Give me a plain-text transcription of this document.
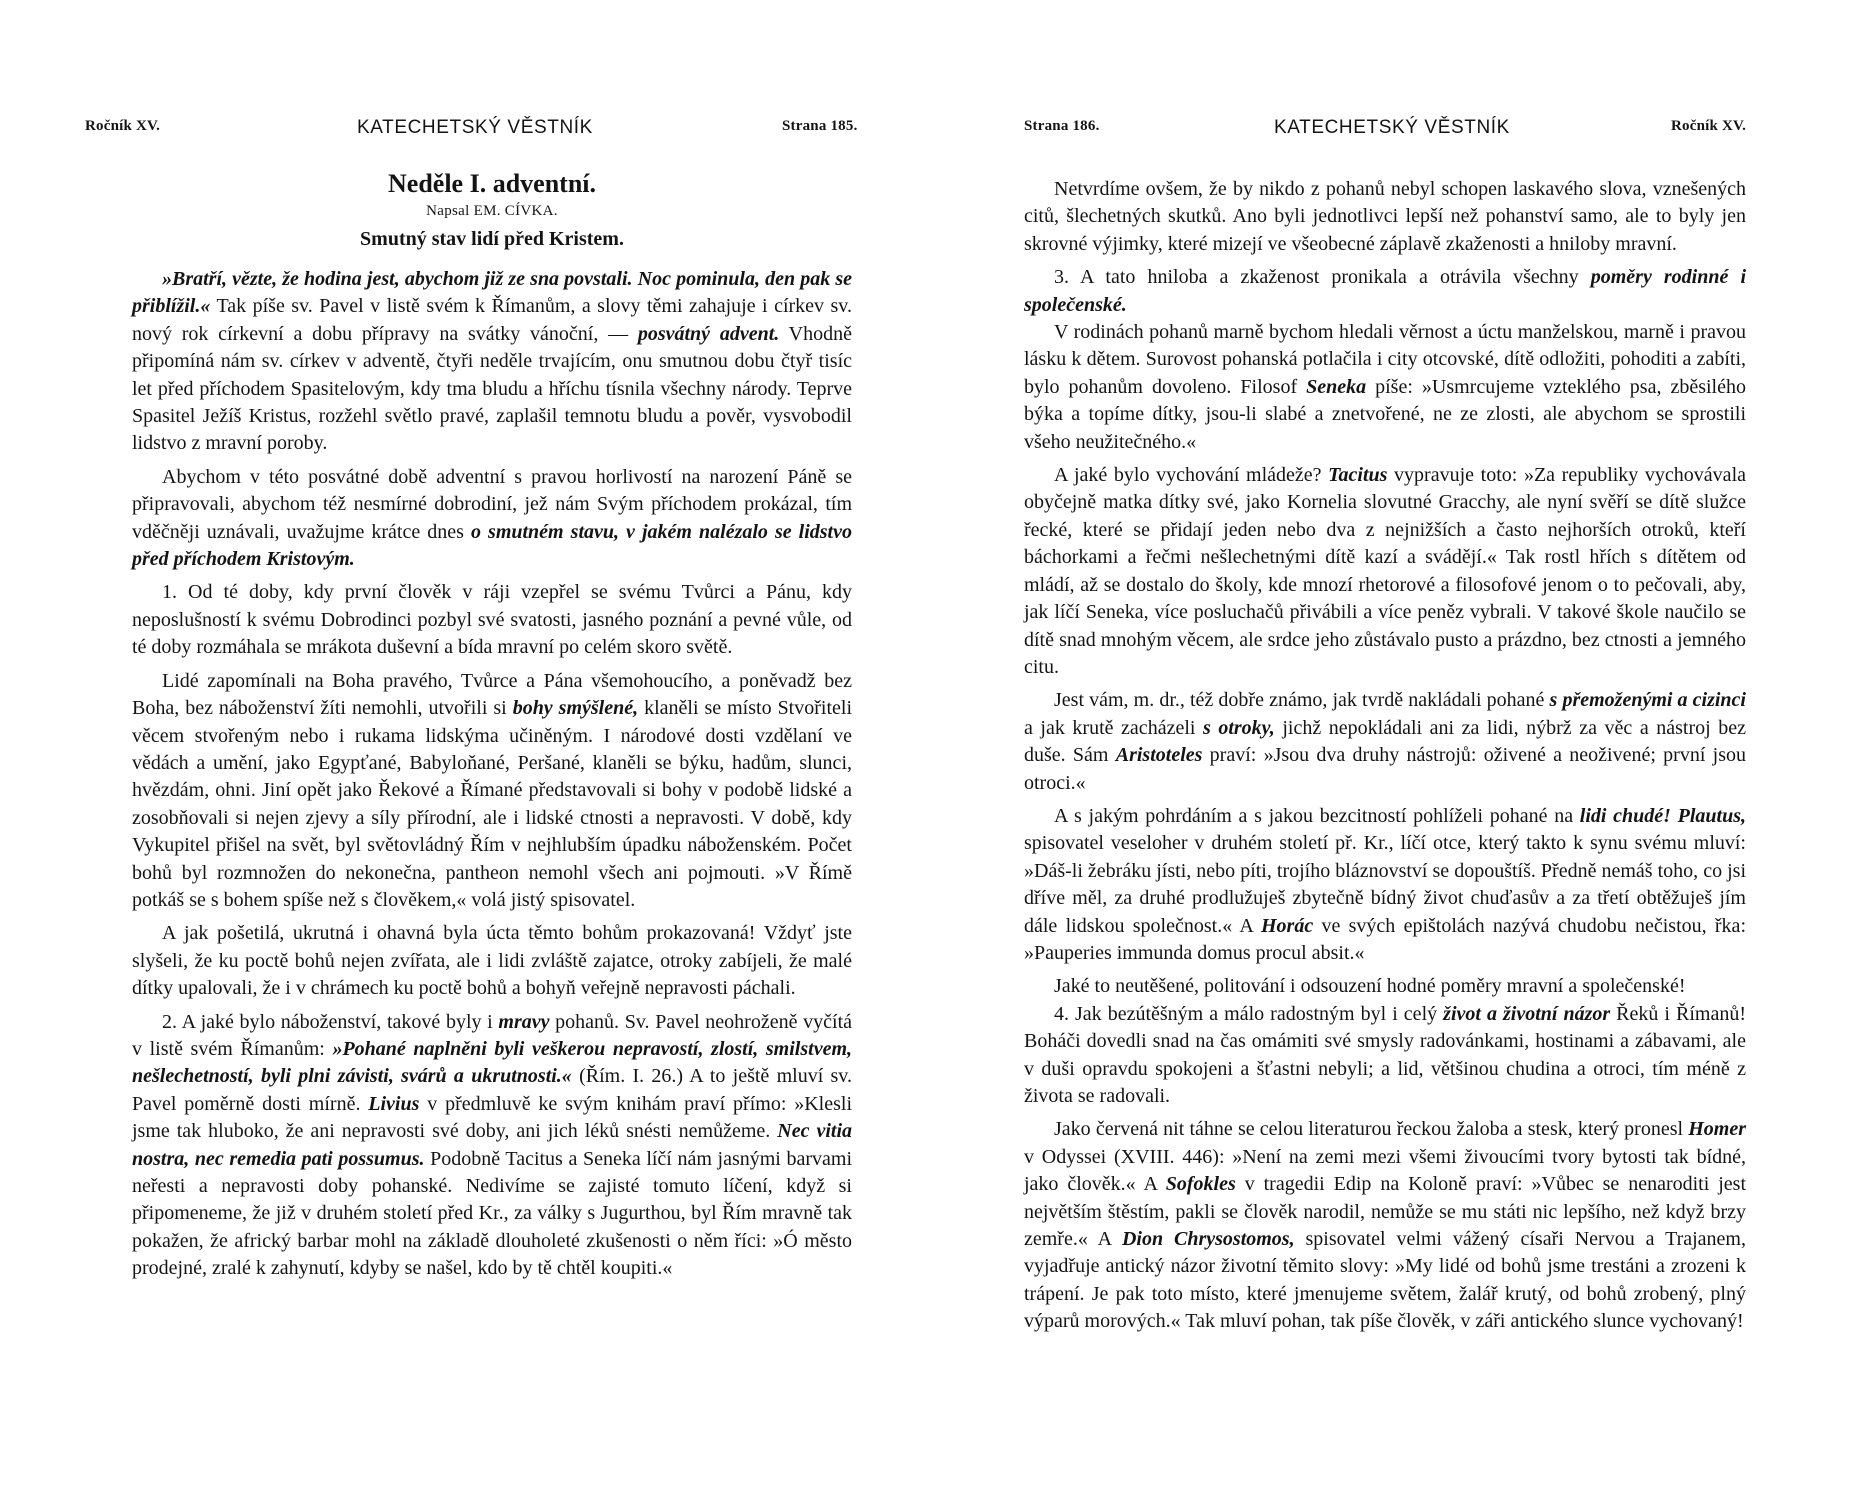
Ročník XV.	KATECHETSKÝ VĚSTNÍK	Strana 185.

Neděle I. adventní.

Napsal EM. CÍVKA.

Smutný stav lidí před Kristem.

»Bratří, vězte, že hodina jest, abychom již ze sna povstali. Noc pominula, den pak se přiblížil.« Tak píše sv. Pavel v listě svém k Římanům, a slovy těmi zahajuje i církev sv. nový rok církevní a dobu přípravy na svátky vánoční, — posvátný advent. Vhodně připomíná nám sv. církev v adventě, čtyři neděle trvajícím, onu smutnou dobu čtyř tisíc let před příchodem Spasitelovým, kdy tma bludu a hříchu tísnila všechny národy. Teprve Spasitel Ježíš Kristus, rozžehl světlo pravé, zaplašil temnotu bludu a pověr, vysvobodil lidstvo z mravní poroby.

Abychom v této posvátné době adventní s pravou horlivostí na narození Páně se připravovali, abychom též nesmírné dobrodiní, jež nám Svým příchodem prokázal, tím vděčněji uznávali, uvažujme krátce dnes o smutném stavu, v jakém nalézalo se lidstvo před příchodem Kristovým.

1. Od té doby, kdy první člověk v ráji vzepřel se svému Tvůrci a Pánu, kdy neposlušností k svému Dobrodinci pozbyl své svatosti, jasného poznání a pevné vůle, od té doby rozmáhala se mrákota duševní a bída mravní po celém skoro světě.

Lidé zapomínali na Boha pravého, Tvůrce a Pána všemohoucího, a poněvadž bez Boha, bez náboženství žíti nemohli, utvořili si bohy smýšlené, klaněli se místo Stvořiteli věcem stvořeným nebo i rukama lidskýma učiněným. I národové dosti vzdělaní ve vědách a umění, jako Egypťané, Babyloňané, Peršané, klaněli se býku, hadům, slunci, hvězdám, ohni. Jiní opět jako Řekové a Římané představovali si bohy v podobě lidské a zosobňovali si nejen zjevy a síly přírodní, ale i lidské ctnosti a nepravosti. V době, kdy Vykupitel přišel na svět, byl světovládný Řím v nejhlubším úpadku náboženském. Počet bohů byl rozmnožen do nekonečna, pantheon nemohl všech ani pojmouti. »V Římě potkáš se s bohem spíše než s člověkem,« volá jistý spisovatel.

A jak pošetilá, ukrutná i ohavná byla úcta těmto bohům prokazovaná! Vždyť jste slyšeli, že ku poctě bohů nejen zvířata, ale i lidi zvláště zajatce, otroky zabíjeli, že malé dítky upalovali, že i v chrámech ku poctě bohů a bohyň veřejně nepravosti páchali.

2. A jaké bylo náboženství, takové byly i mravy pohanů. Sv. Pavel neohroženě vyčítá v listě svém Římanům: »Pohané naplněni byli veškerou nepravostí, zlostí, smilstvem, nešlechetností, byli plni závisti, svárů a ukrutnosti.« (Řím. I. 26.) A to ještě mluví sv. Pavel poměrně dosti mírně. Livius v předmluvě ke svým knihám praví přímo: »Klesli jsme tak hluboko, že ani nepravosti své doby, ani jich léků snésti nemůžeme. Nec vitia nostra, nec remedia pati possumus. Podobně Tacitus a Seneka líčí nám jasnými barvami neřesti a nepravosti doby pohanské. Nedivíme se zajisté tomuto líčení, když si připomeneme, že již v druhém století před Kr., za války s Jugurthou, byl Řím mravně tak pokažen, že africký barbar mohl na základě dlouholeté zkušenosti o něm říci: »Ó město prodejné, zralé k zahynutí, kdyby se našel, kdo by tě chtěl koupiti.«

Strana 186.	KATECHETSKÝ VĚSTNÍK	Ročník XV.

Netvrdíme ovšem, že by nikdo z pohanů nebyl schopen laskavého slova, vznešených citů, šlechetných skutků. Ano byli jednotlivci lepší než pohanství samo, ale to byly jen skrovné výjimky, které mizejí ve všeobecné záplavě zkaženosti a hniloby mravní.

3. A tato hniloba a zkaženost pronikala a otrávila všechny poměry rodinné i společenské.

V rodinách pohanů marně bychom hledali věrnost a úctu manželskou, marně i pravou lásku k dětem. Surovost pohanská potlačila i city otcovské, dítě odložiti, pohoditi a zabíti, bylo pohanům dovoleno. Filosof Seneka píše: »Usmrcujeme vzteklého psa, zběsilého býka a topíme dítky, jsou-li slabé a znetvořené, ne ze zlosti, ale abychom se sprostili všeho neužitečného.«

A jaké bylo vychování mládeže? Tacitus vypravuje toto: »Za republiky vychovávala obyčejně matka dítky své, jako Kornelia slovutné Gracchy, ale nyní svěří se dítě služce řecké, které se přidají jeden nebo dva z nejnižších a často nejhorších otroků, kteří báchorkami a řečmi nešlechetnými dítě kazí a svádějí.« Tak rostl hřích s dítětem od mládí, až se dostalo do školy, kde mnozí rhetorové a filosofové jenom o to pečovali, aby, jak líčí Seneka, více posluchačů přivábili a více peněz vybrali. V takové škole naučilo se dítě snad mnohým věcem, ale srdce jeho zůstávalo pusto a prázdno, bez ctnosti a jemného citu.

Jest vám, m. dr., též dobře známo, jak tvrdě nakládali pohané s přemoženými a cizinci a jak krutě zacházeli s otroky, jichž nepokládali ani za lidi, nýbrž za věc a nástroj bez duše. Sám Aristoteles praví: »Jsou dva druhy nástrojů: oživené a neoživené; první jsou otroci.«

A s jakým pohrdáním a s jakou bezcitností pohlíželi pohané na lidi chudé! Plautus, spisovatel veseloher v druhém století př. Kr., líčí otce, který takto k synu svému mluví: »Dáš-li žebráku jísti, nebo píti, trojího bláznovství se dopouštíš. Předně nemáš toho, co jsi dříve měl, za druhé prodlužuješ zbytečně bídný život chuďasův a za třetí obtěžuješ jím dále lidskou společnost.« A Horác ve svých epištolách nazývá chudobu nečistou, řka: »Pauperies immunda domus procul absit.«

Jaké to neutěšené, politování i odsouzení hodné poměry mravní a společenské!

4. Jak bezútěšným a málo radostným byl i celý život a životní názor Řeků i Římanů! Boháči dovedli snad na čas omámiti své smysly radovánkami, hostinami a zábavami, ale v duši opravdu spokojeni a šťastni nebyli; a lid, většinou chudina a otroci, tím méně z života se radovali.

Jako červená nit táhne se celou literaturou řeckou žaloba a stesk, který pronesl Homer v Odyssei (XVIII. 446): »Není na zemi mezi všemi živoucími tvory bytosti tak bídné, jako člověk.« A Sofokles v tragedii Edip na Koloně praví: »Vůbec se nenaroditi jest největším štěstím, pakli se člověk narodil, nemůže se mu státi nic lepšího, než když brzy zemře.« A Dion Chrysostomos, spisovatel velmi vážený císaři Nervou a Trajanem, vyjadřuje antický názor životní těmito slovy: »My lidé od bohů jsme trestáni a zrozeni k trápení. Je pak toto místo, které jmenujeme světem, žalář krutý, od bohů zrobený, plný výparů morových.« Tak mluví pohan, tak píše člověk, v záři antického slunce vychovaný!
